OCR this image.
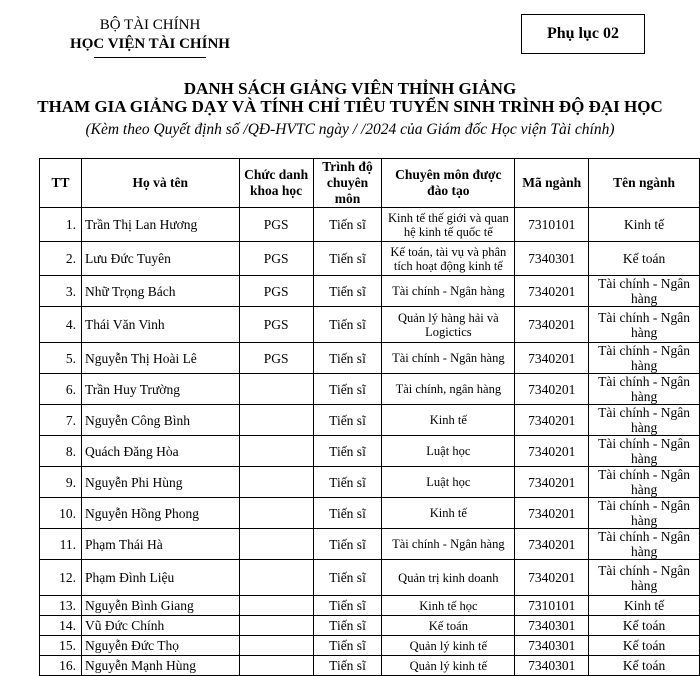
BỘ TÀI CHÍNH
HỌC VIỆN TÀI CHÍNH
Phụ lục 02
DANH SÁCH GIẢNG VIÊN THỈNH GIẢNG
THAM GIA GIẢNG DẠY VÀ TÍNH CHỈ TIÊU TUYỂN SINH TRÌNH ĐỘ ĐẠI HỌC
(Kèm theo Quyết định số /QĐ-HVTC ngày / /2024 của Giám đốc Học viện Tài chính)
TT	Họ và tên	Chức danh khoa học	Trình độ chuyên môn	Chuyên môn được đào tạo	Mã ngành	Tên ngành
1.	Trần Thị Lan Hương	PGS	Tiến sĩ	Kinh tế thế giới và quan hệ kinh tế quốc tế	7310101	Kinh tế
2.	Lưu Đức Tuyên	PGS	Tiến sĩ	Kế toán, tài vụ và phân tích hoạt động kinh tế	7340301	Kế toán
3.	Nhữ Trọng Bách	PGS	Tiến sĩ	Tài chính - Ngân hàng	7340201	Tài chính - Ngân hàng
4.	Thái Văn Vinh	PGS	Tiến sĩ	Quản lý hàng hải và Logictics	7340201	Tài chính - Ngân hàng
5.	Nguyễn Thị Hoài Lê	PGS	Tiến sĩ	Tài chính - Ngân hàng	7340201	Tài chính - Ngân hàng
6.	Trần Huy Trường		Tiến sĩ	Tài chính, ngân hàng	7340201	Tài chính - Ngân hàng
7.	Nguyễn Công Bình		Tiến sĩ	Kinh tế	7340201	Tài chính - Ngân hàng
8.	Quách Đăng Hòa		Tiến sĩ	Luật học	7340201	Tài chính - Ngân hàng
9.	Nguyễn Phi Hùng		Tiến sĩ	Luật học	7340201	Tài chính - Ngân hàng
10.	Nguyễn Hồng Phong		Tiến sĩ	Kinh tế	7340201	Tài chính - Ngân hàng
11.	Phạm Thái Hà		Tiến sĩ	Tài chính - Ngân hàng	7340201	Tài chính - Ngân hàng
12.	Phạm Đình Liệu		Tiến sĩ	Quản trị kinh doanh	7340201	Tài chính - Ngân hàng
13.	Nguyễn Bình Giang		Tiến sĩ	Kinh tế học	7310101	Kinh tế
14.	Vũ Đức Chính		Tiến sĩ	Kế toán	7340301	Kế toán
15.	Nguyễn Đức Thọ		Tiến sĩ	Quản lý kinh tế	7340301	Kế toán
16.	Nguyễn Mạnh Hùng		Tiến sĩ	Quản lý kinh tế	7340301	Kế toán
